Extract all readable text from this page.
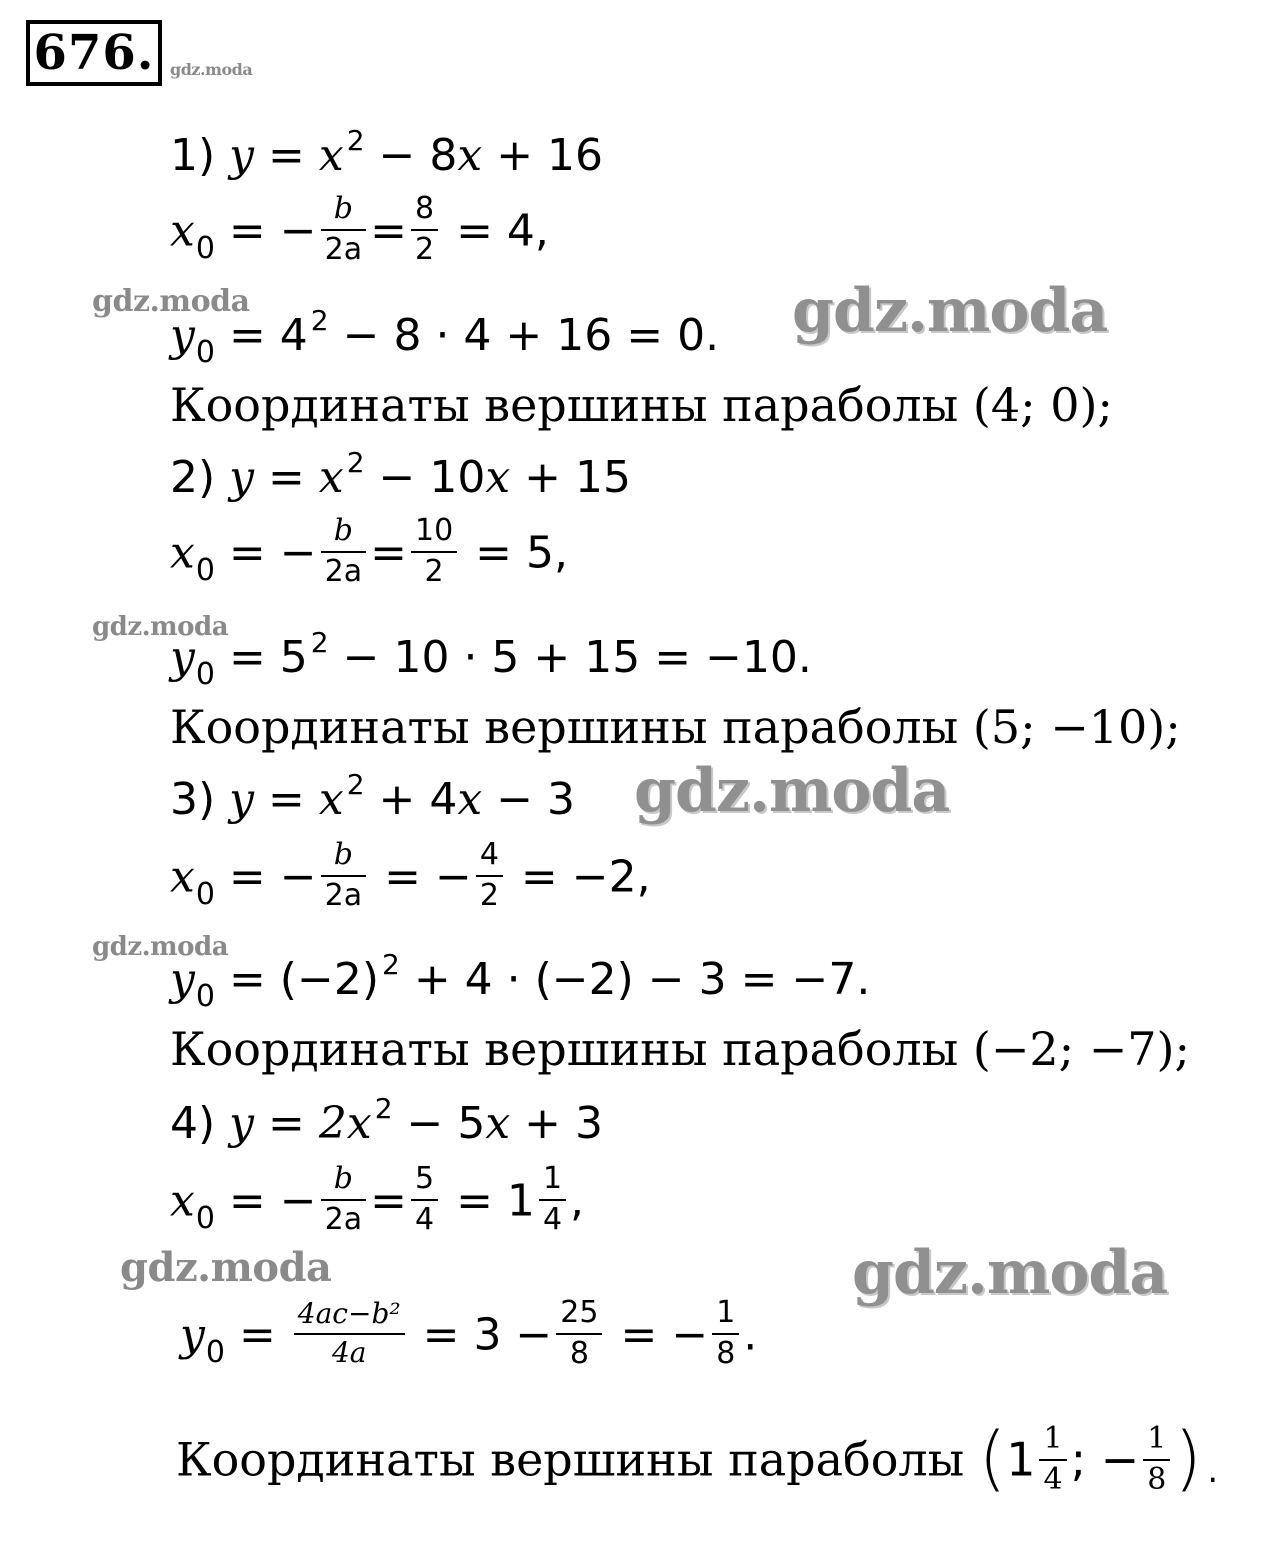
676. gdz.moda
gdz.moda	gdz.moda
gdz.moda
gdz.moda
gdz.moda
gdz.moda	gdz.moda
1) y = x $^2$ − 8x + 16
$x_0$ = − $\frac{b}{2a} = \frac{8}{2} = 4$,
$y_0 = 4$ $^2$ − 8 · 4 + 16 = 0.
Координаты вершины параболы (4; 0);
2) y = x $^2$ − 10x + 15
$x_0$ = − $\frac{b}{2a} = \frac{10}{2} = 5$,
$y_0 = 5$ $^2$ − 10 · 5 + 15 = −10.
Координаты вершины параболы (5; −10);
3) y = x $^2$ + 4x − 3
$x_0$ = − $\frac{b}{2a}$ = − $\frac{4}{2} = -2$,
$y_0 = (-2) ^2 + 4 \cdot (-2) - 3 = -7$.
Координаты вершины параболы (−2; −7);
4) y = 2x $^2$ − 5x + 3
$x_0$ = − $\frac{b}{2a} = \frac{5}{4} = 1 \frac{1}{4}$ ,
$y_0 = \frac{\text{4ac−b²}}{4a} = 3 - \frac{25}{8}$ = − $\frac{1}{8}$ .
Координаты вершины параболы ($1 \frac{1}{4}$ ; − $\frac{1}{8}$ ).
